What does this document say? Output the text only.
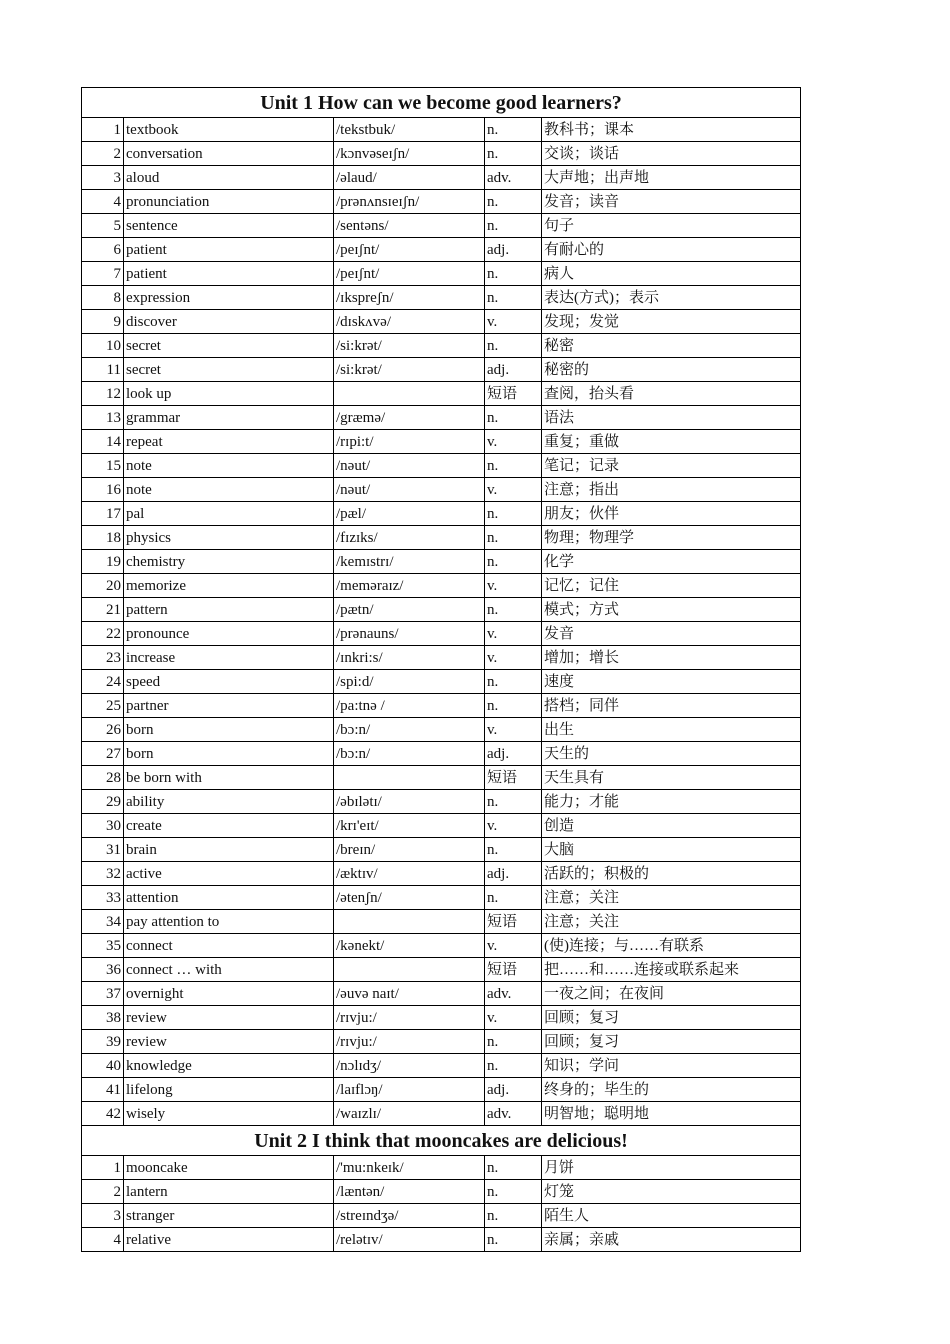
Unit 1 How can we become good learners?				
1	textbook	/tekstbuk/	n.	教科书；课本
2	conversation	/kɔnvəseɪʃn/	n.	交谈；谈话
3	aloud	/əlaud/	adv.	大声地；出声地
4	pronunciation	/prənʌnsɪeɪʃn/	n.	发音；读音
5	sentence	/sentəns/	n.	句子
6	patient	/peɪʃnt/	adj.	有耐心的
7	patient	/peɪʃnt/	n.	病人
8	expression	/ɪkspreʃn/	n.	表达(方式)；表示
9	discover	/dɪskʌvə/	v.	发现；发觉
10	secret	/si:krət/	n.	秘密
11	secret	/si:krət/	adj.	秘密的
12	look up		短语	查阅，抬头看
13	grammar	/græmə/	n.	语法
14	repeat	/rɪpi:t/	v.	重复；重做
15	note	/nəut/	n.	笔记；记录
16	note	/nəut/	v.	注意；指出
17	pal	/pæl/	n.	朋友；伙伴
18	physics	/fɪzɪks/	n.	物理；物理学
19	chemistry	/kemɪstrɪ/	n.	化学
20	memorize	/meməraɪz/	v.	记忆；记住
21	pattern	/pætn/	n.	模式；方式
22	pronounce	/prənauns/	v.	发音
23	increase	/ɪnkri:s/	v.	增加；增长
24	speed	/spi:d/	n.	速度
25	partner	/pa:tnə /	n.	搭档；同伴
26	born	/bɔ:n/	v.	出生
27	born	/bɔ:n/	adj.	天生的
28	be born with		短语	天生具有
29	ability	/əbɪlətɪ/	n.	能力；才能
30	create	/krɪ'eɪt/	v.	创造
31	brain	/breɪn/	n.	大脑
32	active	/æktɪv/	adj.	活跃的；积极的
33	attention	/ətenʃn/	n.	注意；关注
34	pay attention to		短语	注意；关注
35	connect	/kənekt/	v.	(使)连接；与……有联系
36	connect … with		短语	把……和……连接或联系起来
37	overnight	/əuvə naɪt/	adv.	一夜之间；在夜间
38	review	/rɪvju:/	v.	回顾；复习
39	review	/rɪvju:/	n.	回顾；复习
40	knowledge	/nɔlɪdʒ/	n.	知识；学问
41	lifelong	/laɪflɔŋ/	adj.	终身的；毕生的
42	wisely	/waɪzlɪ/	adv.	明智地；聪明地
Unit 2 I think that mooncakes are delicious!				
1	mooncake	/'mu:nkeɪk/	n.	月饼
2	lantern	/læntən/	n.	灯笼
3	stranger	/streɪndʒə/	n.	陌生人
4	relative	/relətɪv/	n.	亲属；亲戚
